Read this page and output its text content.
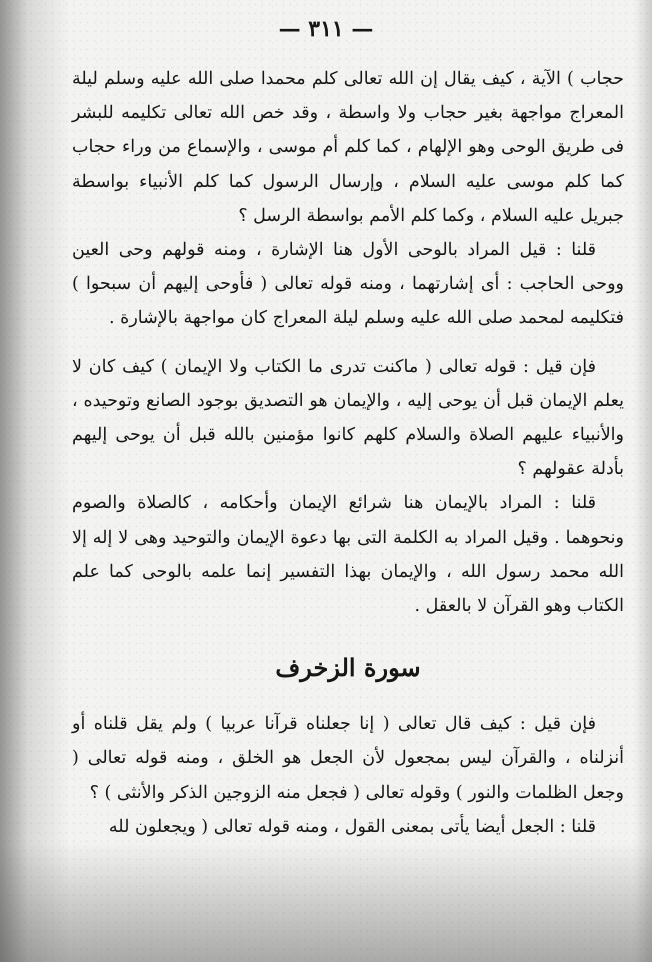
— ٣١١ —

حجاب ) الآية ، كيف يقال إن الله تعالى كلم محمدا صلى الله عليه وسلم ليلة المعراج مواجهة بغير حجاب ولا واسطة ، وقد خص الله تعالى تكليمه للبشر فى طريق الوحى وهو الإلهام ، كما كلم أم موسى ، والإسماع من وراء حجاب كما كلم موسى عليه السلام ، وإرسال الرسول كما كلم الأنبياء بواسطة جبريل عليه السلام ، وكما كلم الأمم بواسطة الرسل ؟

قلنا : قيل المراد بالوحى الأول هنا الإشارة ، ومنه قولهم وحى العين ووحى الحاجب : أى إشارتهما ، ومنه قوله تعالى ( فأوحى إليهم أن سبحوا ) فتكليمه لمحمد صلى الله عليه وسلم ليلة المعراج كان مواجهة بالإشارة .

فإن قيل : قوله تعالى ( ماكنت تدرى ما الكتاب ولا الإيمان ) كيف كان لا يعلم الإيمان قبل أن يوحى إليه ، والإيمان هو التصديق بوجود الصانع وتوحيده ، والأنبياء عليهم الصلاة والسلام كلهم كانوا مؤمنين بالله قبل أن يوحى إليهم بأدلة عقولهم ؟

قلنا : المراد بالإيمان هنا شرائع الإيمان وأحكامه ، كالصلاة والصوم ونحوهما . وقيل المراد به الكلمة التى بها دعوة الإيمان والتوحيد وهى لا إله إلا الله محمد رسول الله ، والإيمان بهذا التفسير إنما علمه بالوحى كما علم الكتاب وهو القرآن لا بالعقل .

سورة الزخرف

فإن قيل : كيف قال تعالى ( إنا جعلناه قرآنا عربيا ) ولم يقل قلناه أو أنزلناه ، والقرآن ليس بمجعول لأن الجعل هو الخلق ، ومنه قوله تعالى ( وجعل الظلمات والنور ) وقوله تعالى ( فجعل منه الزوجين الذكر والأنثى ) ؟

قلنا : الجعل أيضا يأتى بمعنى القول ، ومنه قوله تعالى ( ويجعلون لله
